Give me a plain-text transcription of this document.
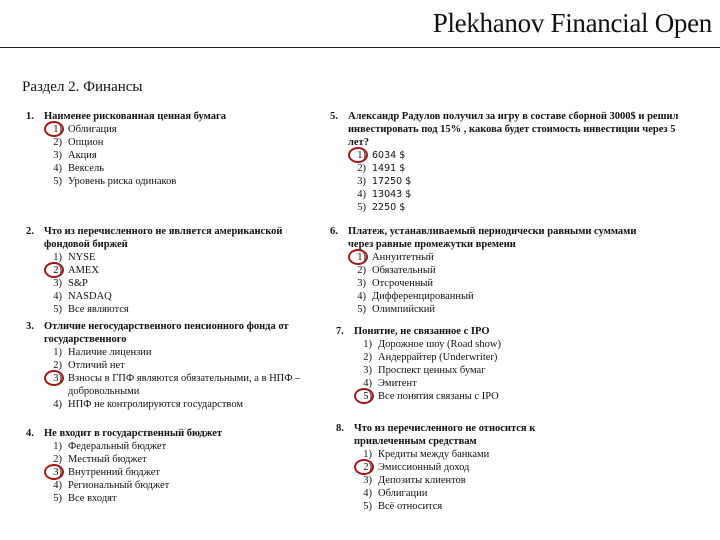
Plekhanov Financial Open
Раздел 2. Финансы
1. Наименее рискованная ценная бумага
1) Облигация
2) Опцион
3) Акция
4) Вексель
5) Уровень риска одинаков
2. Что из перечисленного не является американской фондовой биржей
1) NYSE
2) AMEX
3) S&P
4) NASDAQ
5) Все являются
3. Отличие негосударственного пенсионного фонда от государственного
1) Наличие лицензии
2) Отличий нет
3) Взносы в ГПФ являются обязательными, а в НПФ – добровольными
4) НПФ не контролируются государством
4. Не входит в государственный бюджет
1) Федеральный бюджет
2) Местный бюджет
3) Внутренний бюджет
4) Региональный бюджет
5) Все входят
5. Александр Радулов получил за игру в составе сборной 3000$ и решил инвестировать под 15% , какова будет стоимость инвестиции через 5 лет?
1) 6034 $
2) 1491 $
3) 17250 $
4) 13043 $
5) 2250 $
6. Платеж, устанавливаемый периодически равными суммами через равные промежутки времени
1) Аннуитетный
2) Обязательный
3) Отсроченный
4) Дифференцированный
5) Олимпийский
7. Понятие, не связанное с IPO
1) Дорожное шоу (Road show)
2) Андеррайтер (Underwriter)
3) Проспект ценных бумаг
4) Эмитент
5) Все понятия связаны с IPO
8. Что из перечисленного не относится к привлеченным средствам
1) Кредиты между банками
2) Эмиссионный доход
3) Депозиты клиентов
4) Облигации
5) Всё относится
